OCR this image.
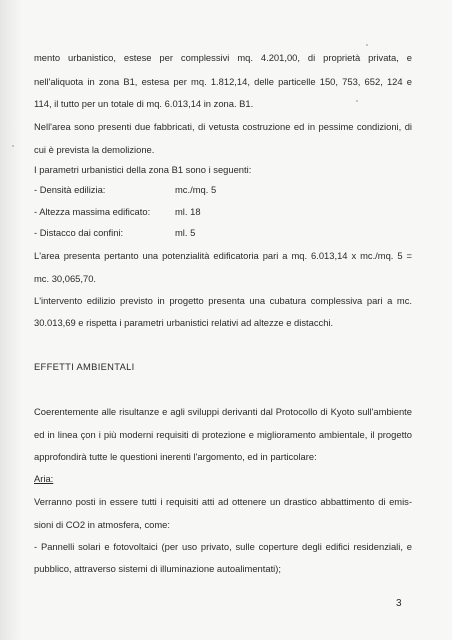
mento urbanistico, estese per complessivi mq. 4.201,00, di proprietà privata, e
nell'aliquota in zona B1, estesa per mq. 1.812,14, delle particelle 150, 753, 652, 124 e
114, il tutto per un totale di mq. 6.013,14 in zona. B1.
Nell'area sono presenti due fabbricati, di vetusta costruzione ed in pessime condizioni, di
cui è prevista la demolizione.
I parametri urbanistici della zona B1 sono i seguenti:
- Densità edilizia:	mc./mq. 5
- Altezza massima edificato:	ml. 18
- Distacco dai confini:	ml. 5
L'area presenta pertanto una potenzialità edificatoria pari a mq. 6.013,14 x mc./mq. 5 =
mc. 30,065,70.
L'intervento edilizio previsto in progetto presenta una cubatura complessiva pari a mc.
30.013,69 e rispetta i parametri urbanistici relativi ad altezze e distacchi.
EFFETTI AMBIENTALI
Coerentemente alle risultanze e agli sviluppi derivanti dal Protocollo di Kyoto sull'ambiente
ed in linea çon i più moderni requisiti di protezione e miglioramento ambientale, il progetto
approfondirà tutte le questioni inerenti l'argomento, ed in particolare:
Aria:
Verranno posti in essere tutti i requisiti atti ad ottenere un drastico abbattimento di emis-
sioni di CO2 in atmosfera, come:
- Pannelli solari e fotovoltaici (per uso privato, sulle coperture degli edifici residenziali, e
pubblico, attraverso sistemi di illuminazione autoalimentati);
3
